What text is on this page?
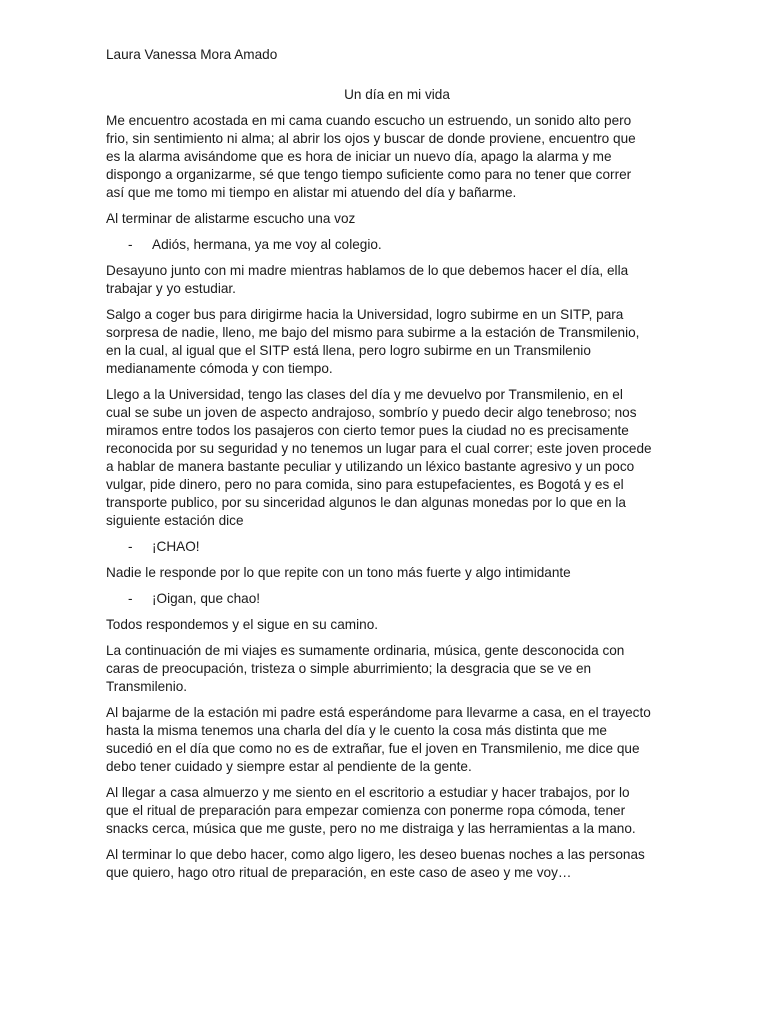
Laura Vanessa Mora Amado
Un día en mi vida

Me encuentro acostada en mi cama cuando escucho un estruendo, un sonido alto pero

frio, sin sentimiento ni alma; al abrir los ojos y buscar de donde proviene, encuentro que

es la alarma avisándome que es hora de iniciar un nuevo día, apago la alarma y me

dispongo a organizarme, sé que tengo tiempo suficiente como para no tener que correr

así que me tomo mi tiempo en alistar mi atuendo del día y bañarme.

Al terminar de alistarme escucho una voz

-	Adiós, hermana, ya me voy al colegio.

Desayuno junto con mi madre mientras hablamos de lo que debemos hacer el día, ella

trabajar y yo estudiar.

Salgo a coger bus para dirigirme hacia la Universidad, logro subirme en un SITP, para

sorpresa de nadie, lleno, me bajo del mismo para subirme a la estación de Transmilenio,

en la cual, al igual que el SITP está llena, pero logro subirme en un Transmilenio

medianamente cómoda y con tiempo.

Llego a la Universidad, tengo las clases del día y me devuelvo por Transmilenio, en el

cual se sube un joven de aspecto andrajoso, sombrío y puedo decir algo tenebroso; nos

miramos entre todos los pasajeros con cierto temor pues la ciudad no es precisamente

reconocida por su seguridad y no tenemos un lugar para el cual correr; este joven procede

a hablar de manera bastante peculiar y utilizando un léxico bastante agresivo y un poco

vulgar, pide dinero, pero no para comida, sino para estupefacientes, es Bogotá y es el

transporte publico, por su sinceridad algunos le dan algunas monedas por lo que en la

siguiente estación dice

-	¡CHAO!

Nadie le responde por lo que repite con un tono más fuerte y algo intimidante

-	¡Oigan, que chao!

Todos respondemos y el sigue en su camino.

La continuación de mi viajes es sumamente ordinaria, música, gente desconocida con

caras de preocupación, tristeza o simple aburrimiento; la desgracia que se ve en

Transmilenio.

Al bajarme de la estación mi padre está esperándome para llevarme a casa, en el trayecto

hasta la misma tenemos una charla del día y le cuento la cosa más distinta que me

sucedió en el día que como no es de extrañar, fue el joven en Transmilenio, me dice que

debo tener cuidado y siempre estar al pendiente de la gente.

Al llegar a casa almuerzo y me siento en el escritorio a estudiar y hacer trabajos, por lo

que el ritual de preparación para empezar comienza con ponerme ropa cómoda, tener

snacks cerca, música que me guste, pero no me distraiga y las herramientas a la mano.

Al terminar lo que debo hacer, como algo ligero, les deseo buenas noches a las personas

que quiero, hago otro ritual de preparación, en este caso de aseo y me voy…
